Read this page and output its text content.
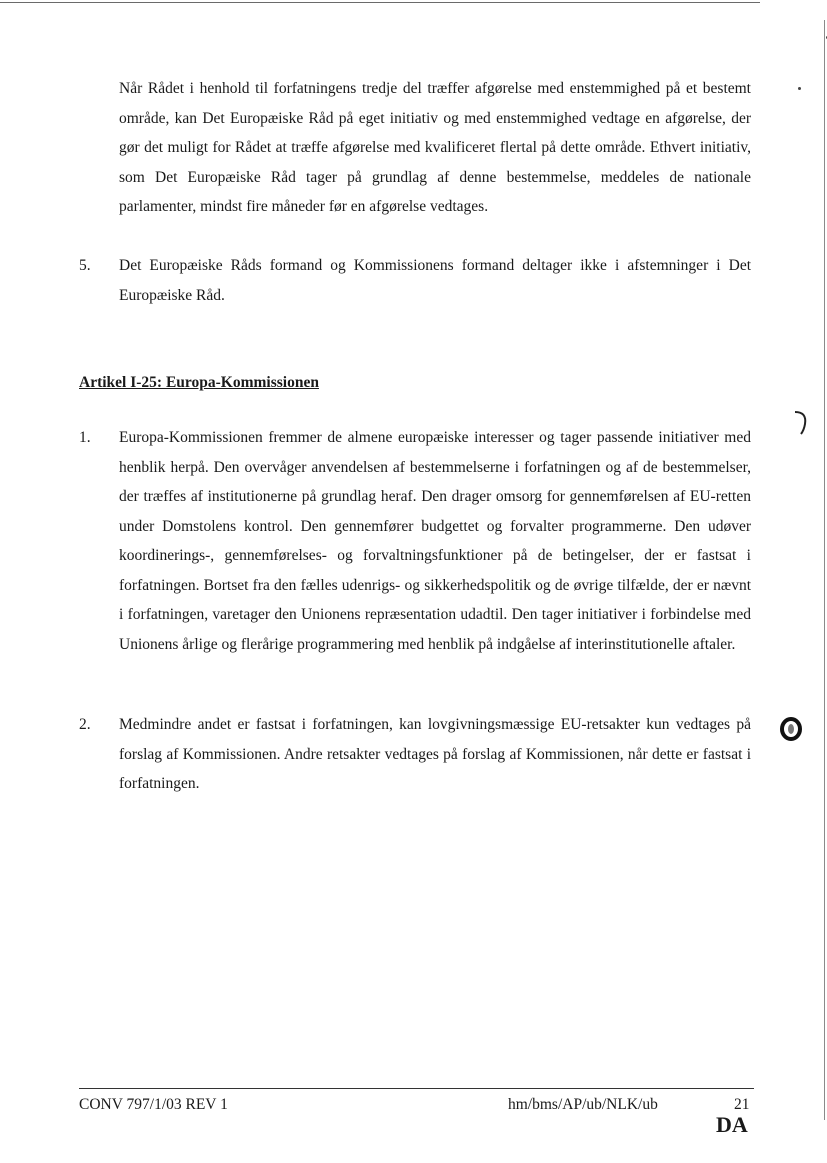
Når Rådet i henhold til forfatningens tredje del træffer afgørelse med enstemmighed på et bestemt område, kan Det Europæiske Råd på eget initiativ og med enstemmighed vedtage en afgørelse, der gør det muligt for Rådet at træffe afgørelse med kvalificeret flertal på dette område. Ethvert initiativ, som Det Europæiske Råd tager på grundlag af denne bestemmelse, meddeles de nationale parlamenter, mindst fire måneder før en afgørelse vedtages.

5. Det Europæiske Råds formand og Kommissionens formand deltager ikke i afstemninger i Det Europæiske Råd.

Artikel I-25: Europa-Kommissionen

1. Europa-Kommissionen fremmer de almene europæiske interesser og tager passende initiativer med henblik herpå. Den overvåger anvendelsen af bestemmelserne i forfatningen og af de bestemmelser, der træffes af institutionerne på grundlag heraf. Den drager omsorg for gennemførelsen af EU-retten under Domstolens kontrol. Den gennemfører budgettet og forvalter programmerne. Den udøver koordinerings-, gennemførelses- og forvaltningsfunktioner på de betingelser, der er fastsat i forfatningen. Bortset fra den fælles udenrigs- og sikkerhedspolitik og de øvrige tilfælde, der er nævnt i forfatningen, varetager den Unionens repræsentation udadtil. Den tager initiativer i forbindelse med Unionens årlige og flerårige programmering med henblik på indgåelse af interinstitutionelle aftaler.

2. Medmindre andet er fastsat i forfatningen, kan lovgivningsmæssige EU-retsakter kun vedtages på forslag af Kommissionen. Andre retsakter vedtages på forslag af Kommissionen, når dette er fastsat i forfatningen.

CONV 797/1/03 REV 1	hm/bms/AP/ub/NLK/ub	21
DA
